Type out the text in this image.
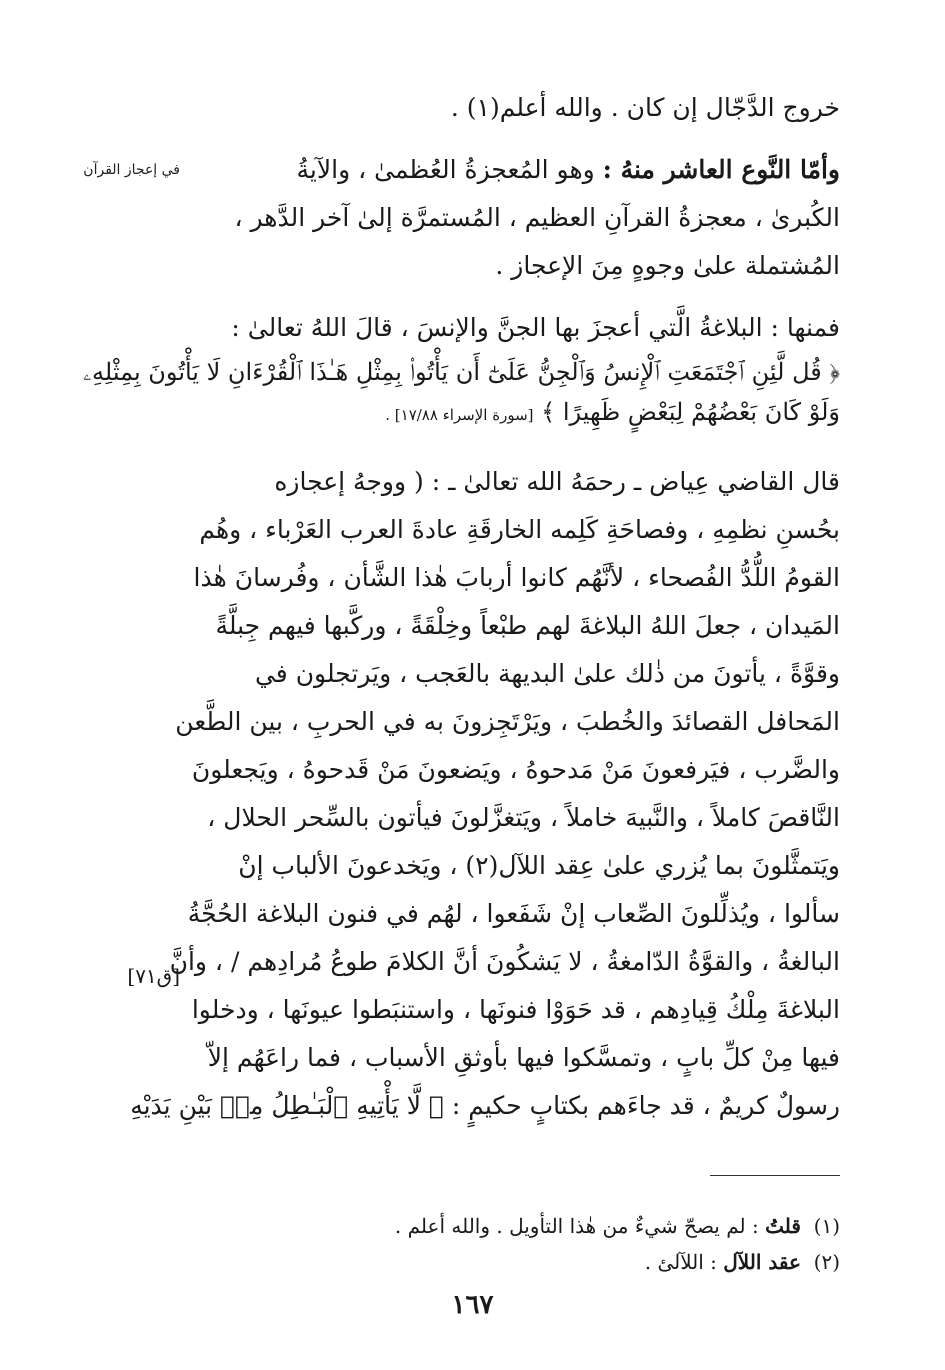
في إعجاز القرآن
[ق٧١]
خروج الدَّجّال إن كان . والله أعلم(١) .
وأمّا النَّوع العاشر منهُ : وهو المُعجزةُ العُظمىٰ ، والآيةُ
الكُبرىٰ ، معجزةُ القرآنِ العظيم ، المُستمرَّة إلىٰ آخر الدَّهر ،
المُشتملة علىٰ وجوهٍ مِنَ الإعجاز .
فمنها : البلاغةُ الَّتي أعجزَ بها الجنَّ والإنسَ ، قالَ اللهُ تعالىٰ :
﴿ قُل لَّئِنِ ٱجْتَمَعَتِ ٱلْإِنسُ وَٱلْجِنُّ عَلَىٰٓ أَن يَأْتُوا۟ بِمِثْلِ هَـٰذَا ٱلْقُرْءَانِ لَا يَأْتُونَ بِمِثْلِهِۦ
وَلَوْ كَانَ بَعْضُهُمْ لِبَعْضٍ ظَهِيرًا ﴾ [سورة الإسراء ١٧/٨٨] .
قال القاضي عِياض ـ رحمَهُ الله تعالىٰ ـ : ( ووجهُ إعجازه
بحُسنِ نظمِهِ ، وفصاحَةِ كَلِمه الخارقَةِ عادةَ العرب العَرْباء ، وهُم
القومُ اللُّدُّ الفُصحاء ، لأنَّهُم كانوا أربابَ هٰذا الشَّأن ، وفُرسانَ هٰذا
المَيدان ، جعلَ اللهُ البلاغةَ لهم طبْعاً وخِلْقَةً ، وركَّبها فيهم جِبلَّةً
وقوَّةً ، يأتونَ من ذٰلك علىٰ البديهة بالعَجب ، ويَرتجلون في
المَحافل القصائدَ والخُطبَ ، ويَرْتَجِزونَ به في الحربِ ، بين الطَّعن
والضَّرب ، فيَرفعونَ مَنْ مَدحوهُ ، ويَضعونَ مَنْ قَدحوهُ ، ويَجعلونَ
النَّاقصَ كاملاً ، والنَّبيهَ خاملاً ، ويَتغزَّلونَ فيأتون بالسِّحر الحلال ،
ويَتمثَّلونَ بما يُزري علىٰ عِقد اللآل(٢) ، ويَخدعونَ الألباب إنْ
سألوا ، ويُذلِّلونَ الصِّعاب إنْ شَفَعوا ، لهُم في فنون البلاغة الحُجَّةُ
البالغةُ ، والقوَّةُ الدّامغةُ ، لا يَشكُونَ أنَّ الكلامَ طوعُ مُرادِهم / ، وأنَّ
البلاغةَ مِلْكُ قِيادِهم ، قد حَوَوْا فنونَها ، واستنبَطوا عيونَها ، ودخلوا
فيها مِنْ كلِّ بابٍ ، وتمسَّكوا فيها بأوثقِ الأسباب ، فما راعَهُم إلاّ
رسولٌ كريمٌ ، قد جاءَهم بكتابٍ حكيمٍ : ﴿ لَّا يَأْتِيهِ ٱلْبَـٰطِلُ مِنۢ بَيْنِ يَدَيْهِ
(١)  قلتُ : لم يصحّ شيءٌ من هٰذا التأويل . والله أعلم .
(٢)  عقد اللآل : اللآلئ .
١٦٧
